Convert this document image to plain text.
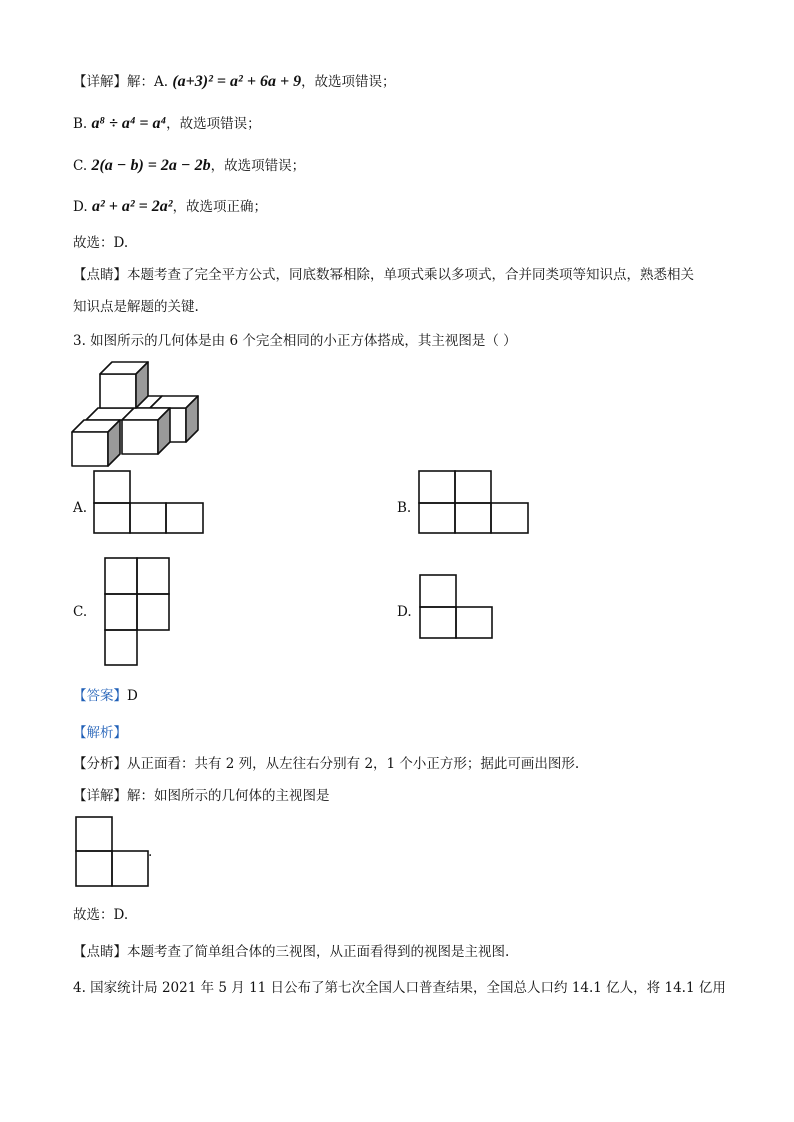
【详解】解：A. (a+3)² = a² + 6a + 9，故选项错误；
B. a⁸ ÷ a⁴ = a⁴，故选项错误；
C. 2(a − b) = 2a − 2b，故选项错误；
D. a² + a² = 2a²，故选项正确；
故选：D.
【点睛】本题考查了完全平方公式，同底数幂相除，单项式乘以多项式，合并同类项等知识点，熟悉相关
知识点是解题的关键.
3. 如图所示的几何体是由 6 个完全相同的小正方体搭成，其主视图是（ ）
A.	B.
C.	D.
【答案】D
【解析】
【分析】从正面看：共有 2 列，从左往右分别有 2，1 个小正方形；据此可画出图形.
【详解】解：如图所示的几何体的主视图是
.
故选：D.
【点睛】本题考查了简单组合体的三视图，从正面看得到的视图是主视图.
4. 国家统计局 2021 年 5 月 11 日公布了第七次全国人口普查结果，全国总人口约 14.1 亿人，将 14.1 亿用
